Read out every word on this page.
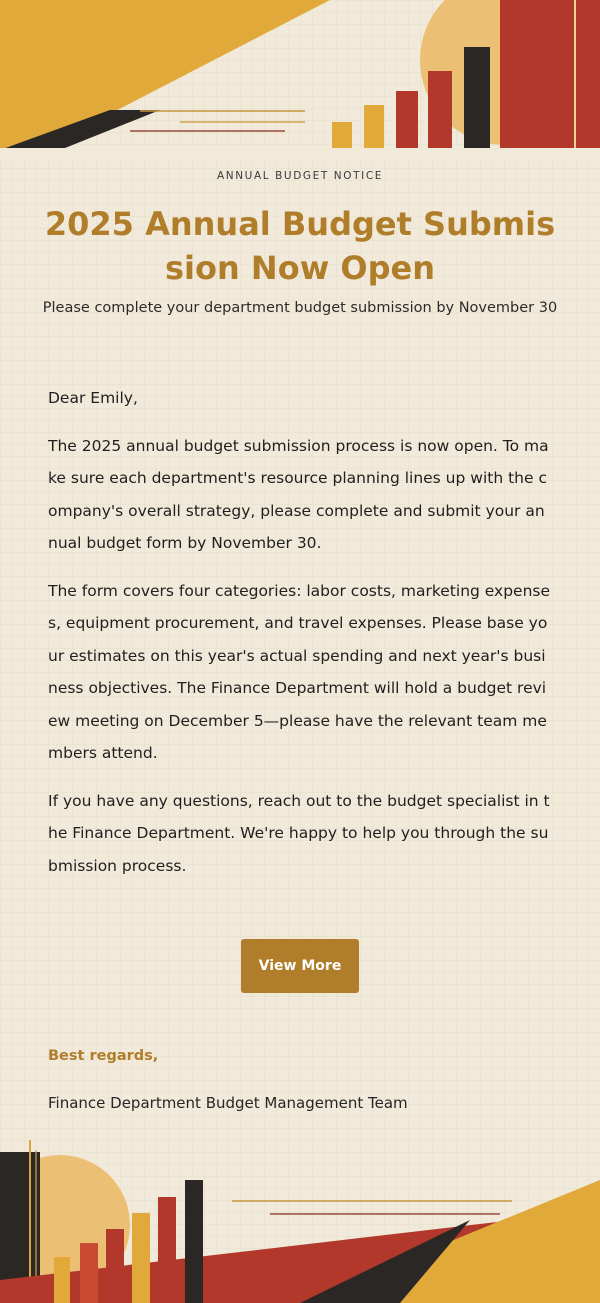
ANNUAL BUDGET NOTICE
2025 Annual Budget Submission Now Open
Please complete your department budget submission by November 30

Dear Emily,

The 2025 annual budget submission process is now open. To make sure each department's resource planning lines up with the company's overall strategy, please complete and submit your annual budget form by November 30.

The form covers four categories: labor costs, marketing expenses, equipment procurement, and travel expenses. Please base your estimates on this year's actual spending and next year's business objectives. The Finance Department will hold a budget review meeting on December 5—please have the relevant team members attend.

If you have any questions, reach out to the budget specialist in the Finance Department. We're happy to help you through the submission process.

View More
Best regards,
Finance Department Budget Management Team
